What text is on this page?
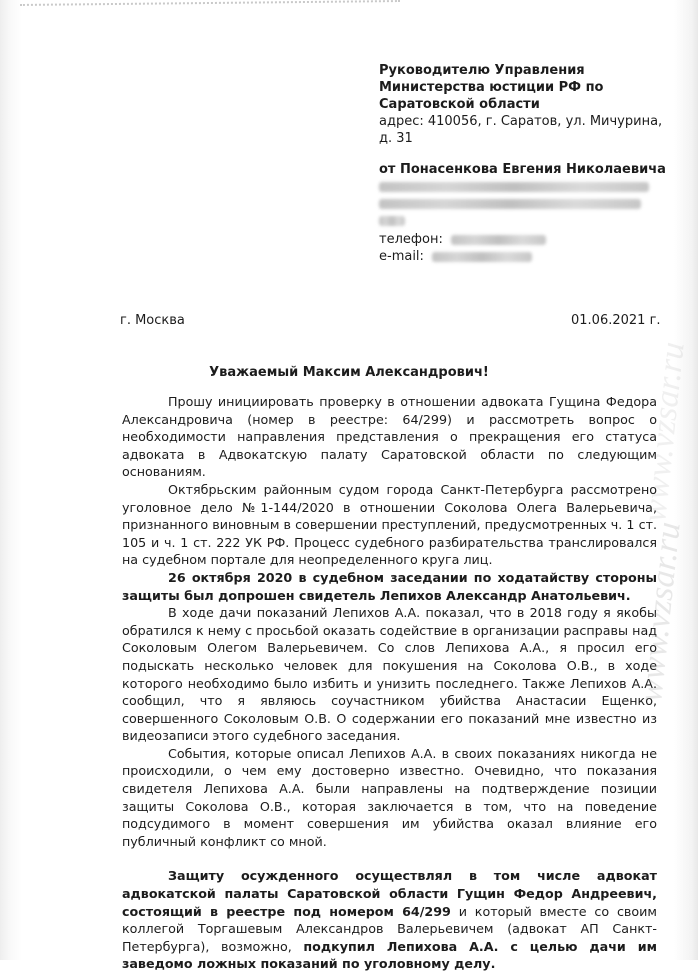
Руководителю Управления
Министерства юстиции РФ по
Саратовской области
адрес: 410056, г. Саратов, ул. Мичурина,
д. 31
от Понасенкова Евгения Николаевича
телефон:
e-mail:
г. Москва	01.06.2021 г.
Уважаемый Максим Александрович!

Прошу инициировать проверку в отношении адвоката Гущина Федора Александровича (номер в реестре: 64/299) и рассмотреть вопрос о необходимости направления представления о прекращения его статуса адвоката в Адвокатскую палату Саратовской области по следующим основаниям.

Октябрьским районным судом города Санкт-Петербурга рассмотрено уголовное дело №1-144/2020 в отношении Соколова Олега Валерьевича, признанного виновным в совершении преступлений, предусмотренных ч. 1 ст. 105 и ч. 1 ст. 222 УК РФ. Процесс судебного разбирательства транслировался на судебном портале для неопределенного круга лиц.

26 октября 2020 в судебном заседании по ходатайству стороны защиты был допрошен свидетель Лепихов Александр Анатольевич.

В ходе дачи показаний Лепихов А.А. показал, что в 2018 году я якобы обратился к нему с просьбой оказать содействие в организации расправы над Соколовым Олегом Валерьевичем. Со слов Лепихова А.А., я просил его подыскать несколько человек для покушения на Соколова О.В., в ходе которого необходимо было избить и унизить последнего. Также Лепихов А.А. сообщил, что я являюсь соучастником убийства Анастасии Ещенко, совершенного Соколовым О.В. О содержании его показаний мне известно из видеозаписи этого судебного заседания.

События, которые описал Лепихов А.А. в своих показаниях никогда не происходили, о чем ему достоверно известно. Очевидно, что показания свидетеля Лепихова А.А. были направлены на подтверждение позиции защиты Соколова О.В., которая заключается в том, что на поведение подсудимого в момент совершения им убийства оказал влияние его публичный конфликт со мной.

Защиту осужденного осуществлял в том числе адвокат адвокатской палаты Саратовской области Гущин Федор Андреевич, состоящий в реестре под номером 64/299 и который вместе со своим коллегой Торгашевым Александров Валерьевичем (адвокат АП Санкт-Петербурга), возможно, подкупил Лепихова А.А. с целью дачи им заведомо ложных показаний по уголовному делу.

www.vzsar.ru
www.vzsar.ru
